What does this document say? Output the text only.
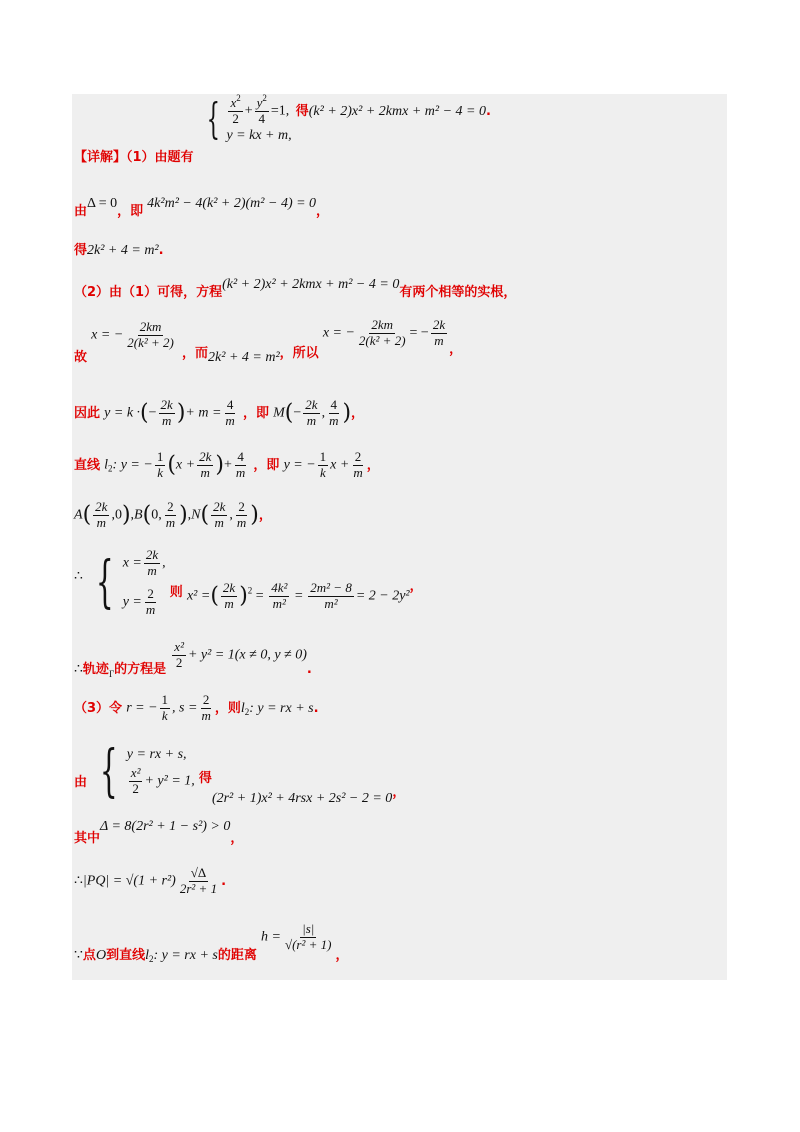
【详解】（1）由题有
{ $\frac{x^2}{2} + \frac{y^2}{4} =1$,
y = kx + m,
得(k² + 2)x² + 2kmx + m² − 4 = 0.
由Δ = 0，即4k²m² − 4(k² + 2)(m² − 4) = 0，
得2k² + 4 = m².
（2）由（1）可得，方程(k² + 2)x² + 2kmx + m² − 4 = 0有两个相等的实根，
故 x = − $\frac{2km}{\text{2(k² + 2)}}$
，而2k² + 4 = m²，所以 x = − $\frac{2km}{\text{2(k² + 2)}}$ = − $\frac{2k}{m}$
，
因此 y = k ·(− $\frac{2k}{m}$ )+ $m = \frac{4}{m}$ ，即 $M(- \frac{2k}{m}$ , $\frac{4}{m}$ )，
直线 $l_2$: y = − $\frac{1}{k} (x + \frac{2k}{m}$ )+ $\frac{4}{m}$ ，即 y = − $\frac{1}{k}$ $x + \frac{2}{m}$ ，
$A( \frac{2k}{m} ,0),B(0$, $\frac{2}{m} ),N( \frac{2k}{m}$ , $\frac{2}{m}$ )，
∴ { $x = \frac{2k}{m}$ ,
$y = \frac{2}{m}$ 则 x² =( $\frac{2k}{m} )^2 = \frac{\text{4k²}}{\text{m²}} = \frac{\text{2m² − 8}}{\text{m²}} = 2 - 2y^2$，
∴轨迹$_\Gamma$的方程是 $\frac{\text{x²}}{2} + y^2 = 1(x \ne 0$, y ≠ 0).
（3）令 r = − $\frac{1}{k}$ , $s = \frac{2}{m}$ ，则$l_2$: y = rx + s.
由 { y = rx + s,
$\frac{\text{x²}}{2} + y^2 = 1$, 得(2r² + 1)x² + 4rsx + 2s² − 2 = 0，
其中Δ = 8(2r² + 1 − s²) > 0，
∴|PQ| = $√(1 + r^2) \frac{√\Delta}{\text{2r² + 1}}$ .
∵点O到直线$l_2$: y = rx + s的距离 $h = \frac{|s|}{\text{√(r² + 1)}}$
，
